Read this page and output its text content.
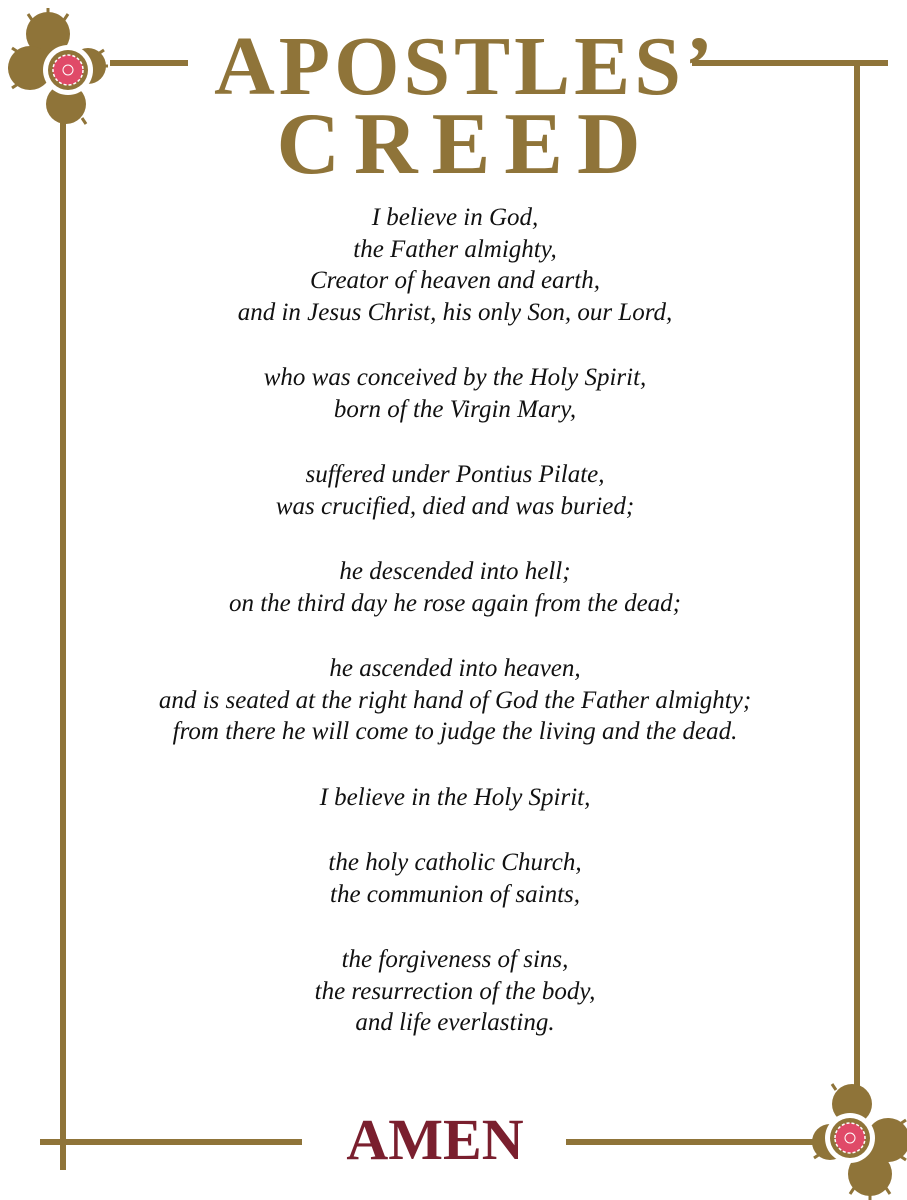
APOSTLES’
CREED
I believe in God,
the Father almighty,
Creator of heaven and earth,
and in Jesus Christ, his only Son, our Lord,
who was conceived by the Holy Spirit,
born of the Virgin Mary,
suffered under Pontius Pilate,
was crucified, died and was buried;
he descended into hell;
on the third day he rose again from the dead;
he ascended into heaven,
and is seated at the right hand of God the Father almighty;
from there he will come to judge the living and the dead.
I believe in the Holy Spirit,
the holy catholic Church,
the communion of saints,
the forgiveness of sins,
the resurrection of the body,
and life everlasting.
AMEN
